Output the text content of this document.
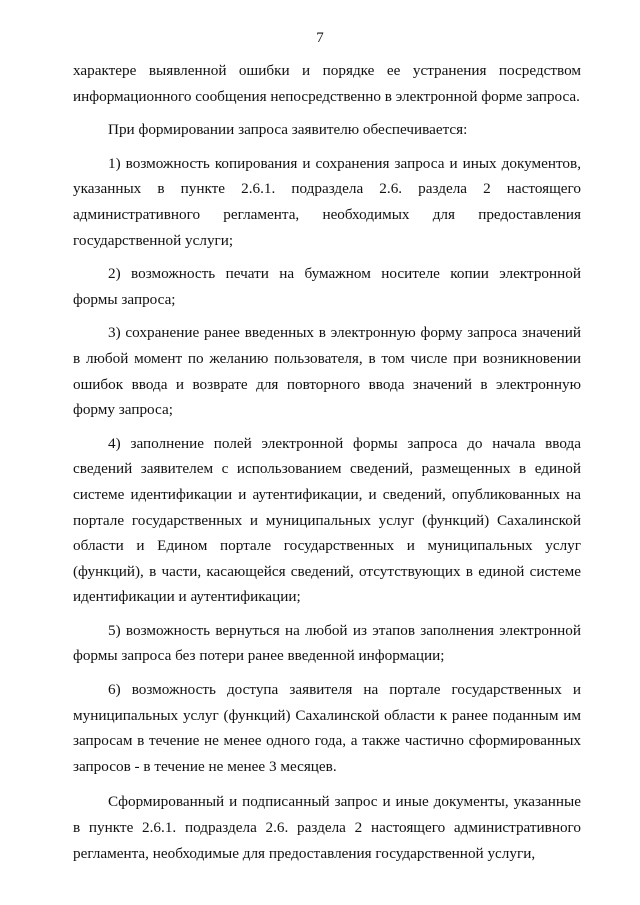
7

характере выявленной ошибки и порядке ее устранения посредством информационного сообщения непосредственно в электронной форме запроса.

При формировании запроса заявителю обеспечивается:

1) возможность копирования и сохранения запроса и иных документов, указанных в пункте 2.6.1. подраздела 2.6. раздела 2 настоящего административного регламента, необходимых для предоставления государственной услуги;

2) возможность печати на бумажном носителе копии электронной формы запроса;

3) сохранение ранее введенных в электронную форму запроса значений в любой момент по желанию пользователя, в том числе при возникновении ошибок ввода и возврате для повторного ввода значений в электронную форму запроса;

4) заполнение полей электронной формы запроса до начала ввода сведений заявителем с использованием сведений, размещенных в единой системе идентификации и аутентификации, и сведений, опубликованных на портале государственных и муниципальных услуг (функций) Сахалинской области и Едином портале государственных и муниципальных услуг (функций), в части, касающейся сведений, отсутствующих в единой системе идентификации и аутентификации;

5) возможность вернуться на любой из этапов заполнения электронной формы запроса без потери ранее введенной информации;

6) возможность доступа заявителя на портале государственных и муниципальных услуг (функций) Сахалинской области к ранее поданным им запросам в течение не менее одного года, а также частично сформированных запросов - в течение не менее 3 месяцев.

Сформированный и подписанный запрос и иные документы, указанные в пункте 2.6.1. подраздела 2.6. раздела 2 настоящего административного регламента, необходимые для предоставления государственной услуги,
